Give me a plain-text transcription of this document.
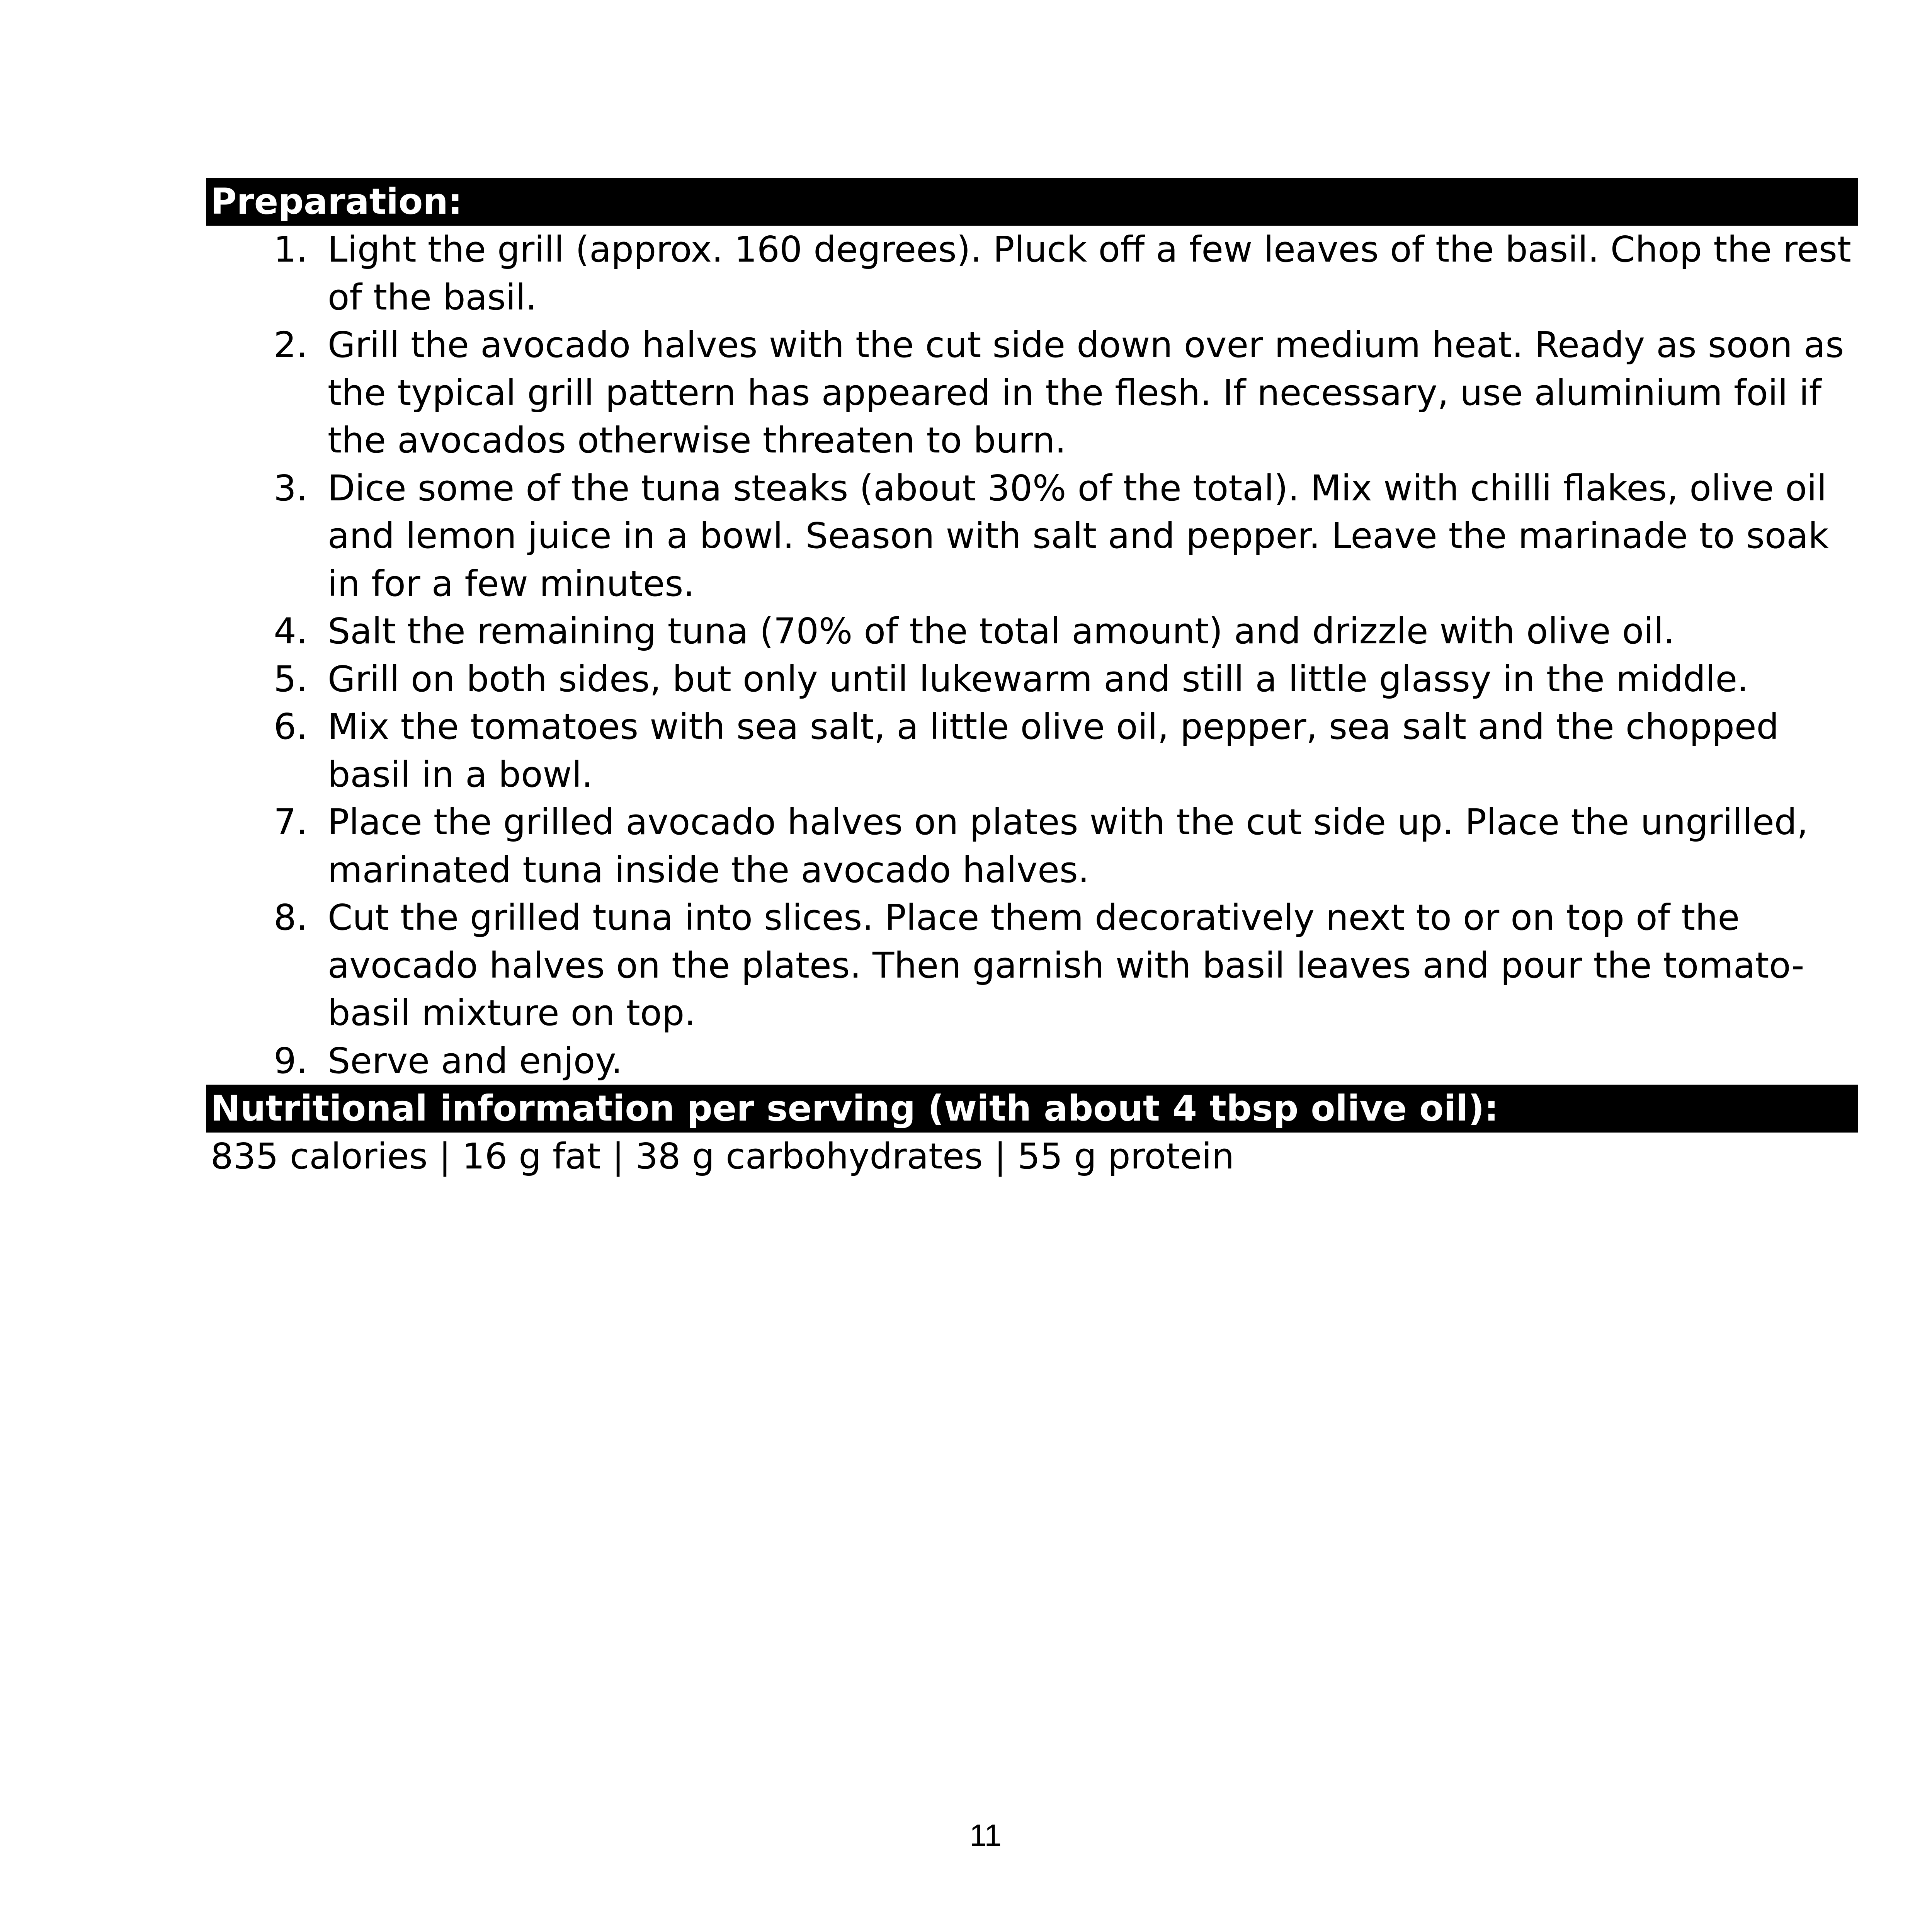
Preparation:
1. Light the grill (approx. 160 degrees). Pluck off a few leaves of the basil. Chop the rest of the basil.
2. Grill the avocado halves with the cut side down over medium heat. Ready as soon as the typical grill pattern has appeared in the flesh. If necessary, use aluminium foil if the avocados otherwise threaten to burn.
3. Dice some of the tuna steaks (about 30% of the total). Mix with chilli flakes, olive oil and lemon juice in a bowl. Season with salt and pepper. Leave the marinade to soak in for a few minutes.
4. Salt the remaining tuna (70% of the total amount) and drizzle with olive oil.
5. Grill on both sides, but only until lukewarm and still a little glassy in the middle.
6. Mix the tomatoes with sea salt, a little olive oil, pepper, sea salt and the chopped basil in a bowl.
7. Place the grilled avocado halves on plates with the cut side up. Place the ungrilled, marinated tuna inside the avocado halves.
8. Cut the grilled tuna into slices. Place them decoratively next to or on top of the avocado halves on the plates. Then garnish with basil leaves and pour the tomato-basil mixture on top.
9. Serve and enjoy.
Nutritional information per serving (with about 4 tbsp olive oil):
835 calories | 16 g fat | 38 g carbohydrates | 55 g protein
11
